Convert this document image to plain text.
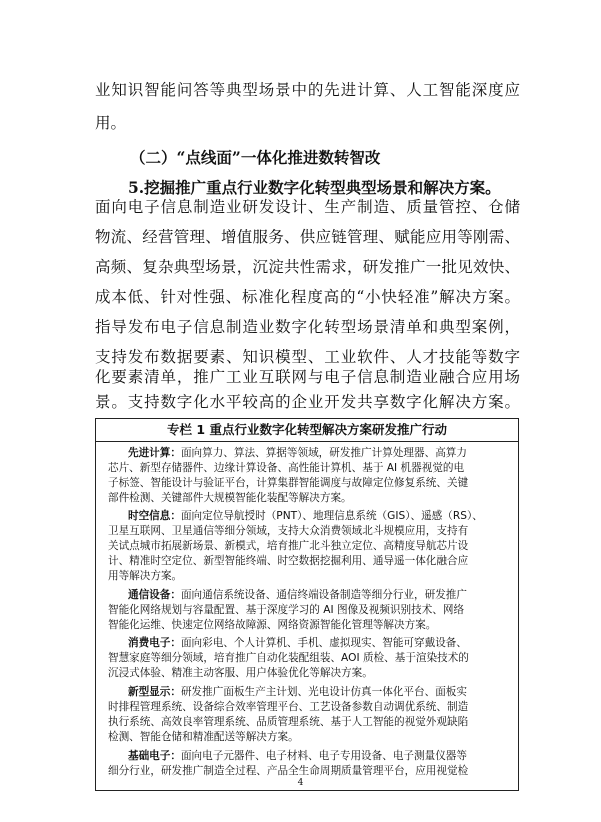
业知识智能问答等典型场景中的先进计算、人工智能深度应
用。
（二）“点线面”一体化推进数转智改
5.挖掘推广重点行业数字化转型典型场景和解决方案。
面向电子信息制造业研发设计、生产制造、质量管控、仓储
物流、经营管理、增值服务、供应链管理、赋能应用等刚需、
高频、复杂典型场景，沉淀共性需求，研发推广一批见效快、
成本低、针对性强、标准化程度高的“小快轻准”解决方案。
指导发布电子信息制造业数字化转型场景清单和典型案例，
支持发布数据要素、知识模型、工业软件、人才技能等数字
化要素清单，推广工业互联网与电子信息制造业融合应用场
景。支持数字化水平较高的企业开发共享数字化解决方案。
专栏 1 重点行业数字化转型解决方案研发推广行动
先进计算：面向算力、算法、算据等领域，研发推广计算处理器、高算力
芯片、新型存储器件、边缘计算设备、高性能计算机、基于 AI 机器视觉的电
子标签、智能设计与验证平台，计算集群智能调度与故障定位修复系统、关键
部件检测、关键部件大规模智能化装配等解决方案。
时空信息：面向定位导航授时（PNT）、地理信息系统（GIS）、遥感（RS）、
卫星互联网、卫星通信等细分领域，支持大众消费领域北斗规模应用，支持有
关试点城市拓展新场景、新模式，培育推广北斗独立定位、高精度导航芯片设
计、精准时空定位、新型智能终端、时空数据挖掘利用、通导遥一体化融合应
用等解决方案。
通信设备：面向通信系统设备、通信终端设备制造等细分行业，研发推广
智能化网络规划与容量配置、基于深度学习的 AI 图像及视频识别技术、网络
智能化运维、快速定位网络故障源、网络资源智能化管理等解决方案。
消费电子：面向彩电、个人计算机、手机、虚拟现实、智能可穿戴设备、
智慧家庭等细分领域，培育推广自动化装配组装、AOI 质检、基于渲染技术的
沉浸式体验、精准主动客服、用户体验优化等解决方案。
新型显示：研发推广面板生产主计划、光电设计仿真一体化平台、面板实
时排程管理系统、设备综合效率管理平台、工艺设备参数自动调优系统、制造
执行系统、高效良率管理系统、品质管理系统、基于人工智能的视觉外观缺陷
检测、智能仓储和精准配送等解决方案。
基础电子：面向电子元器件、电子材料、电子专用设备、电子测量仪器等
细分行业，研发推广制造全过程、产品全生命周期质量管理平台，应用视觉检
4
